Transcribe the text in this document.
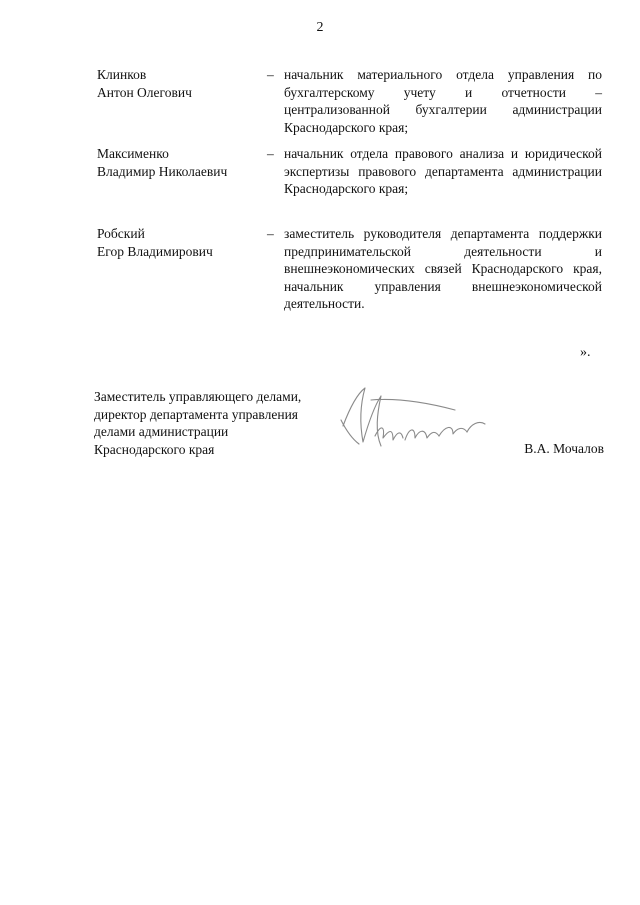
2
Клинков
Антон Олегович
– начальник материального отдела управления по бухгалтерскому учету и отчетности – централизованной бухгалтерии администрации Краснодарского края;
Максименко
Владимир Николаевич
– начальник отдела правового анализа и юридической экспертизы правового департамента администрации Краснодарского края;
Робский
Егор Владимирович
– заместитель руководителя департамента поддержки предпринимательской деятельности и внешнеэкономических связей Краснодарского края, начальник управления внешнеэкономической деятельности.
».
Заместитель управляющего делами,
директор департамента управления
делами администрации
Краснодарского края	В.А. Мочалов
